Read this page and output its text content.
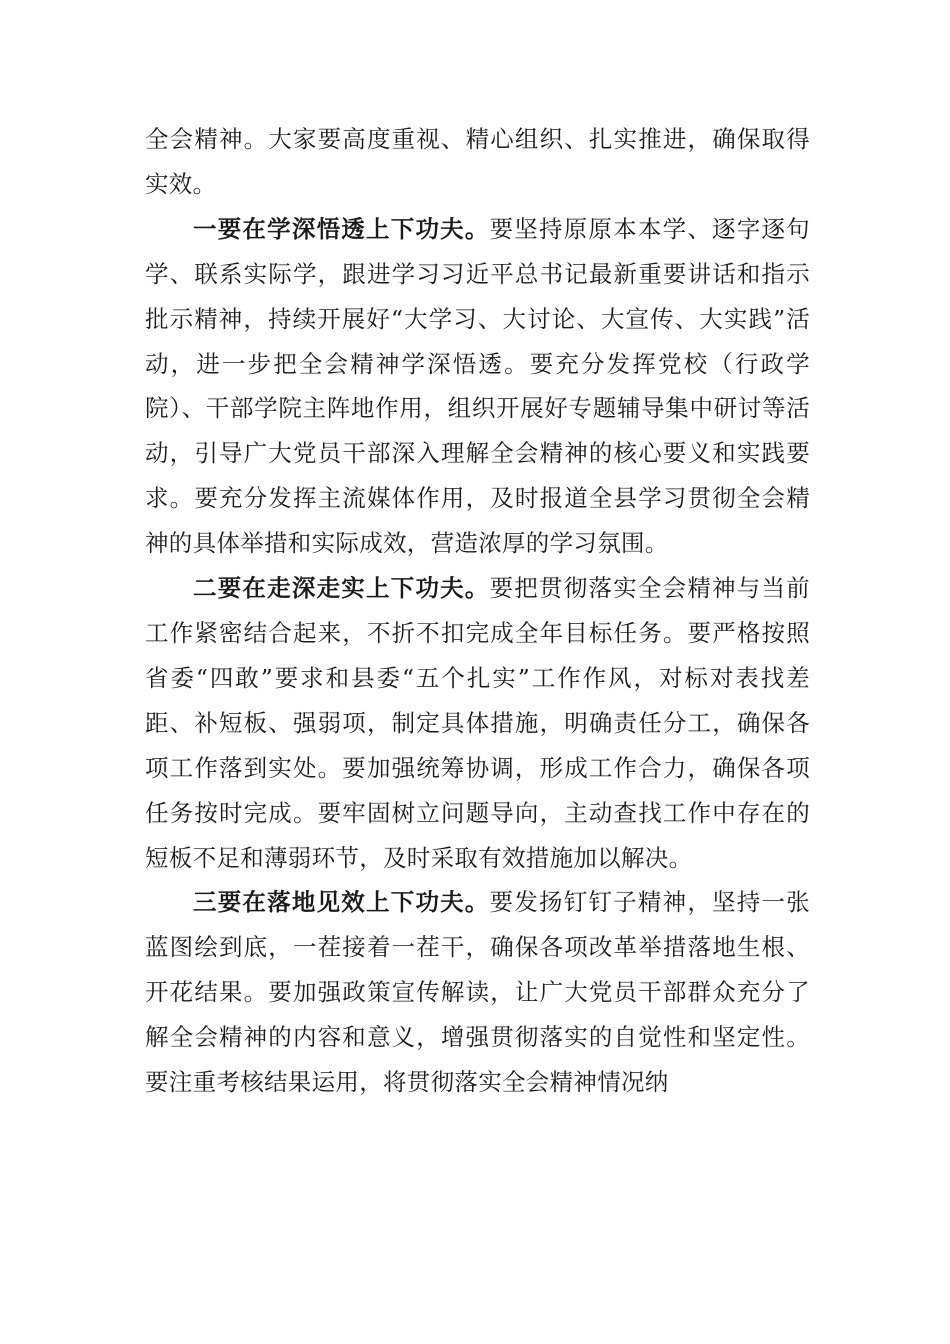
全会精神。大家要高度重视、精心组织、扎实推进，确保取得实效。

一要在学深悟透上下功夫。要坚持原原本本学、逐字逐句学、联系实际学，跟进学习习近平总书记最新重要讲话和指示批示精神，持续开展好“大学习、大讨论、大宣传、大实践”活动，进一步把全会精神学深悟透。要充分发挥党校（行政学院）、干部学院主阵地作用，组织开展好专题辅导集中研讨等活动，引导广大党员干部深入理解全会精神的核心要义和实践要求。要充分发挥主流媒体作用，及时报道全县学习贯彻全会精神的具体举措和实际成效，营造浓厚的学习氛围。

二要在走深走实上下功夫。要把贯彻落实全会精神与当前工作紧密结合起来，不折不扣完成全年目标任务。要严格按照省委“四敢”要求和县委“五个扎实”工作作风，对标对表找差距、补短板、强弱项，制定具体措施，明确责任分工，确保各项工作落到实处。要加强统筹协调，形成工作合力，确保各项任务按时完成。要牢固树立问题导向，主动查找工作中存在的短板不足和薄弱环节，及时采取有效措施加以解决。

三要在落地见效上下功夫。要发扬钉钉子精神，坚持一张蓝图绘到底，一茬接着一茬干，确保各项改革举措落地生根、开花结果。要加强政策宣传解读，让广大党员干部群众充分了解全会精神的内容和意义，增强贯彻落实的自觉性和坚定性。要注重考核结果运用，将贯彻落实全会精神情况纳
